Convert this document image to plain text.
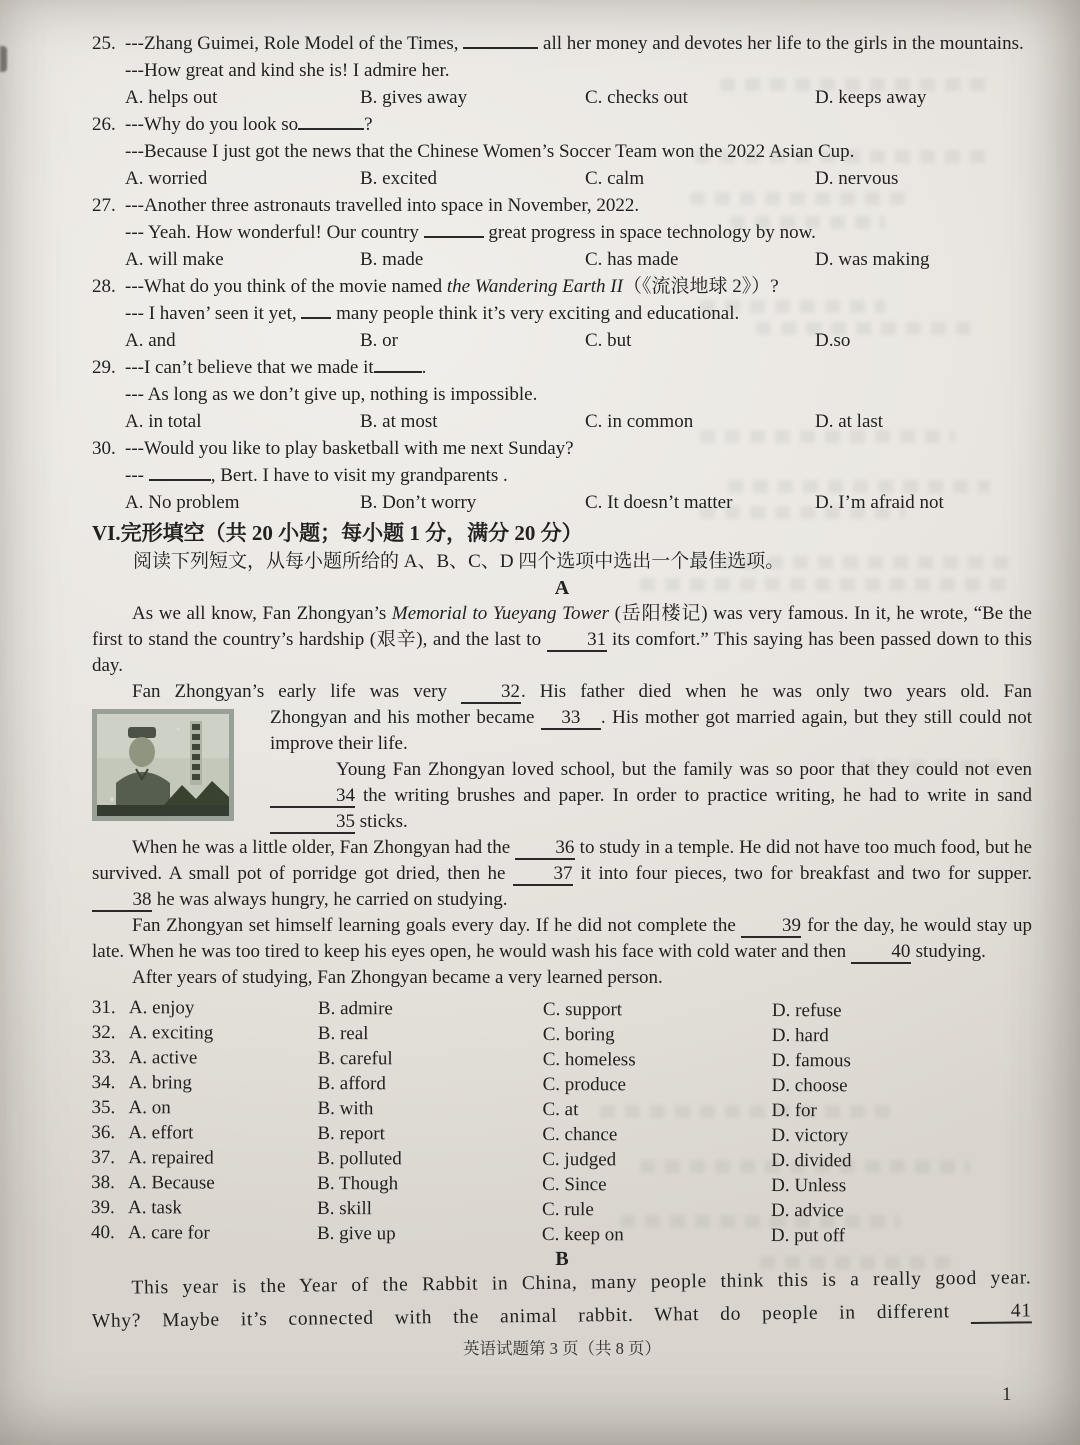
25. ---Zhang Guimei, Role Model of the Times,	all her money and devotes her life to the girls in the mountains.
---How great and kind she is! I admire her.
A. helps out	B. gives away	C. checks out	D. keeps away
26. ---Why do you look so	?
---Because I just got the news that the Chinese Women’s Soccer Team won the 2022 Asian Cup.
A. worried	B. excited	C. calm	D. nervous
27. ---Another three astronauts travelled into space in November, 2022.
--- Yeah. How wonderful! Our country	great progress in space technology by now.
A. will make	B. made	C. has made	D. was making
28. ---What do you think of the movie named the Wandering Earth II（《流浪地球 2》）?
--- I haven’ seen it yet,  many people think it’s very exciting and educational.
A. and	B. or	C. but	D.so
29. ---I can’t believe that we made it	.
--- As long as we don’t give up, nothing is impossible.
A. in total	B. at most	C. in common	D. at last
30. ---Would you like to play basketball with me next Sunday?
---	, Bert. I have to visit my grandparents .
A. No problem	B. Don’t worry	C. It doesn’t matter	D. I’m afraid not
VI.完形填空（共 20 小题；每小题 1 分，满分 20 分）
阅读下列短文，从每小题所给的 A、B、C、D 四个选项中选出一个最佳选项。
A

As we all know, Fan Zhongyan’s Memorial to Yueyang Tower (岳阳楼记) was very famous. In it, he wrote, “Be the first to stand the country’s hardship (艰辛), and the last to 31 its comfort.” This saying has been passed down to this day.

Fan Zhongyan’s early life was very 32. His father died when he was only two years old. Fan

Zhongyan and his mother became 33 . His mother got married again, but they still could not improve their life.

Young Fan Zhongyan loved school, but the family was so poor that they could not even 34 the writing brushes and paper. In order to practice writing, he had to write in sand 35 sticks.

When he was a little older, Fan Zhongyan had the 36 to study in a temple. He did not have too much food, but he survived. A small pot of porridge got dried, then he 37 it into four pieces, two for breakfast and two for supper. 38 he was always hungry, he carried on studying.

Fan Zhongyan set himself learning goals every day. If he did not complete the 39 for the day, he would stay up late. When he was too tired to keep his eyes open, he would wash his face with cold water and then 40 studying.

After years of studying, Fan Zhongyan became a very learned person.

31. A. enjoy	B. admire	C. support	D. refuse
32. A. exciting	B. real	C. boring	D. hard
33. A. active	B. careful	C. homeless	D. famous
34. A. bring	B. afford	C. produce	D. choose
35. A. on	B. with	C. at	D. for
36. A. effort	B. report	C. chance	D. victory
37. A. repaired	B. polluted	C. judged	D. divided
38. A. Because	B. Though	C. Since	D. Unless
39. A. task	B. skill	C. rule	D. advice
40. A. care for	B. give up	C. keep on	D. put off
B

This year is the Year of the Rabbit in China, many people think this is a really good year. Why? Maybe it’s connected with the animal rabbit. What do people in different 41

英语试题第 3 页（共 8 页）
1
